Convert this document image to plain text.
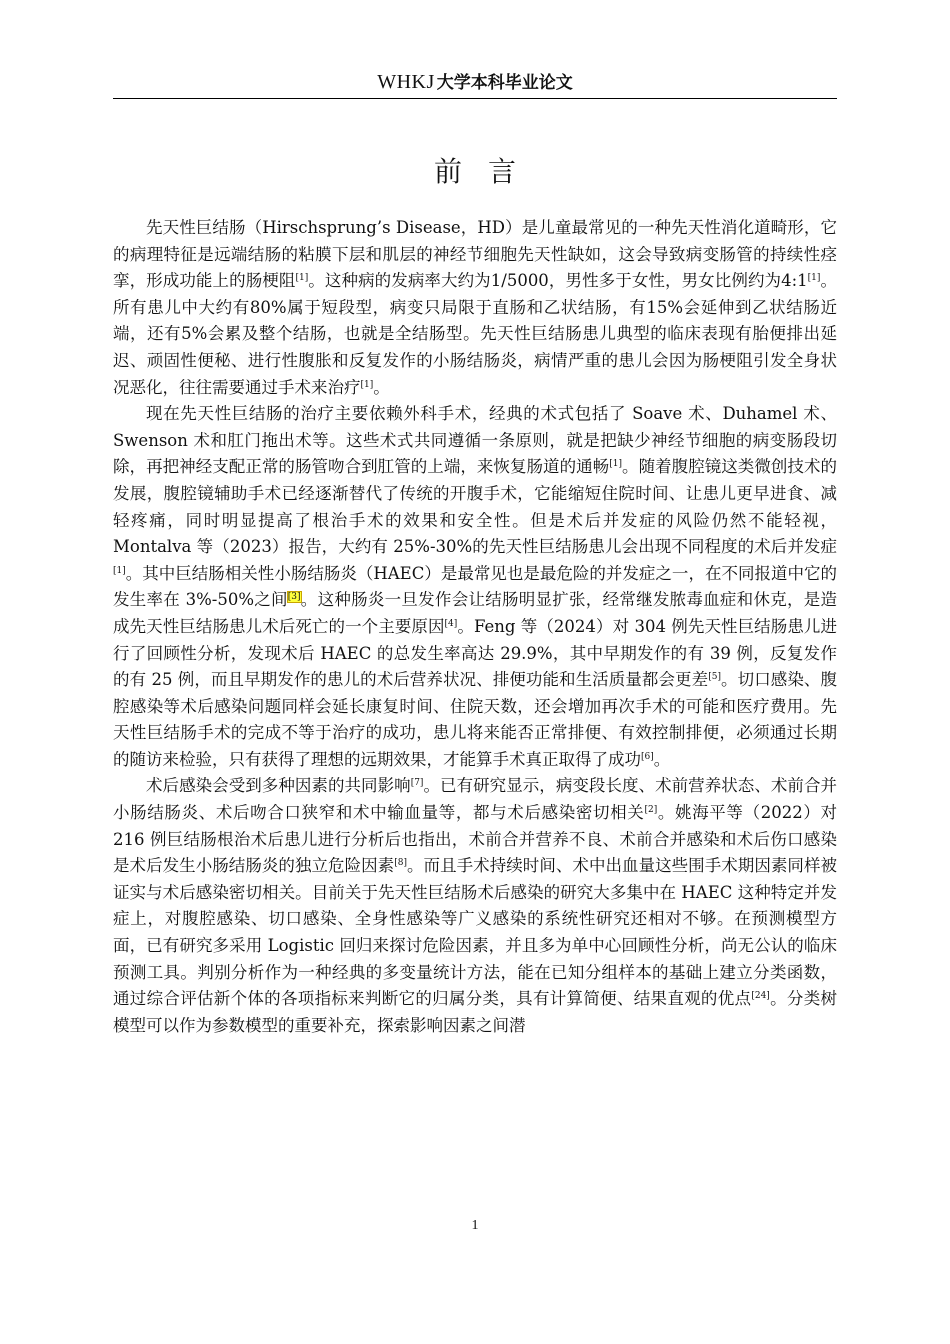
WHKJ 大学本科毕业论文
前言

先天性巨结肠（Hirschsprung’s Disease，HD）是儿童最常见的一种先天性消化道畸形，它的病理特征是远端结肠的粘膜下层和肌层的神经节细胞先天性缺如，这会导致病变肠管的持续性痉挛，形成功能上的肠梗阻[1]。这种病的发病率大约为1/5000，男性多于女性，男女比例约为4:1[1]。所有患儿中大约有80%属于短段型，病变只局限于直肠和乙状结肠，有15%会延伸到乙状结肠近端，还有5%会累及整个结肠，也就是全结肠型。先天性巨结肠患儿典型的临床表现有胎便排出延迟、顽固性便秘、进行性腹胀和反复发作的小肠结肠炎，病情严重的患儿会因为肠梗阻引发全身状况恶化，往往需要通过手术来治疗[1]。

现在先天性巨结肠的治疗主要依赖外科手术，经典的术式包括了 Soave 术、Duhamel 术、Swenson 术和肛门拖出术等。这些术式共同遵循一条原则，就是把缺少神经节细胞的病变肠段切除，再把神经支配正常的肠管吻合到肛管的上端，来恢复肠道的通畅[1]。随着腹腔镜这类微创技术的发展，腹腔镜辅助手术已经逐渐替代了传统的开腹手术，它能缩短住院时间、让患儿更早进食、减轻疼痛，同时明显提高了根治手术的效果和安全性。但是术后并发症的风险仍然不能轻视，Montalva 等（2023）报告，大约有 25%-30%的先天性巨结肠患儿会出现不同程度的术后并发症[1]。其中巨结肠相关性小肠结肠炎（HAEC）是最常见也是最危险的并发症之一，在不同报道中它的发生率在 3%-50%之间[3]。这种肠炎一旦发作会让结肠明显扩张，经常继发脓毒血症和休克，是造成先天性巨结肠患儿术后死亡的一个主要原因[4]。Feng 等（2024）对 304 例先天性巨结肠患儿进行了回顾性分析，发现术后 HAEC 的总发生率高达 29.9%，其中早期发作的有 39 例，反复发作的有 25 例，而且早期发作的患儿的术后营养状况、排便功能和生活质量都会更差[5]。切口感染、腹腔感染等术后感染问题同样会延长康复时间、住院天数，还会增加再次手术的可能和医疗费用。先天性巨结肠手术的完成不等于治疗的成功，患儿将来能否正常排便、有效控制排便，必须通过长期的随访来检验，只有获得了理想的远期效果，才能算手术真正取得了成功[6]。

术后感染会受到多种因素的共同影响[7]。已有研究显示，病变段长度、术前营养状态、术前合并小肠结肠炎、术后吻合口狭窄和术中输血量等，都与术后感染密切相关[2]。姚海平等（2022）对 216 例巨结肠根治术后患儿进行分析后也指出，术前合并营养不良、术前合并感染和术后伤口感染是术后发生小肠结肠炎的独立危险因素[8]。而且手术持续时间、术中出血量这些围手术期因素同样被证实与术后感染密切相关。目前关于先天性巨结肠术后感染的研究大多集中在 HAEC 这种特定并发症上，对腹腔感染、切口感染、全身性感染等广义感染的系统性研究还相对不够。在预测模型方面，已有研究多采用 Logistic 回归来探讨危险因素，并且多为单中心回顾性分析，尚无公认的临床预测工具。判别分析作为一种经典的多变量统计方法，能在已知分组样本的基础上建立分类函数，通过综合评估新个体的各项指标来判断它的归属分类，具有计算简便、结果直观的优点[24]。分类树模型可以作为参数模型的重要补充，探索影响因素之间潜

1
